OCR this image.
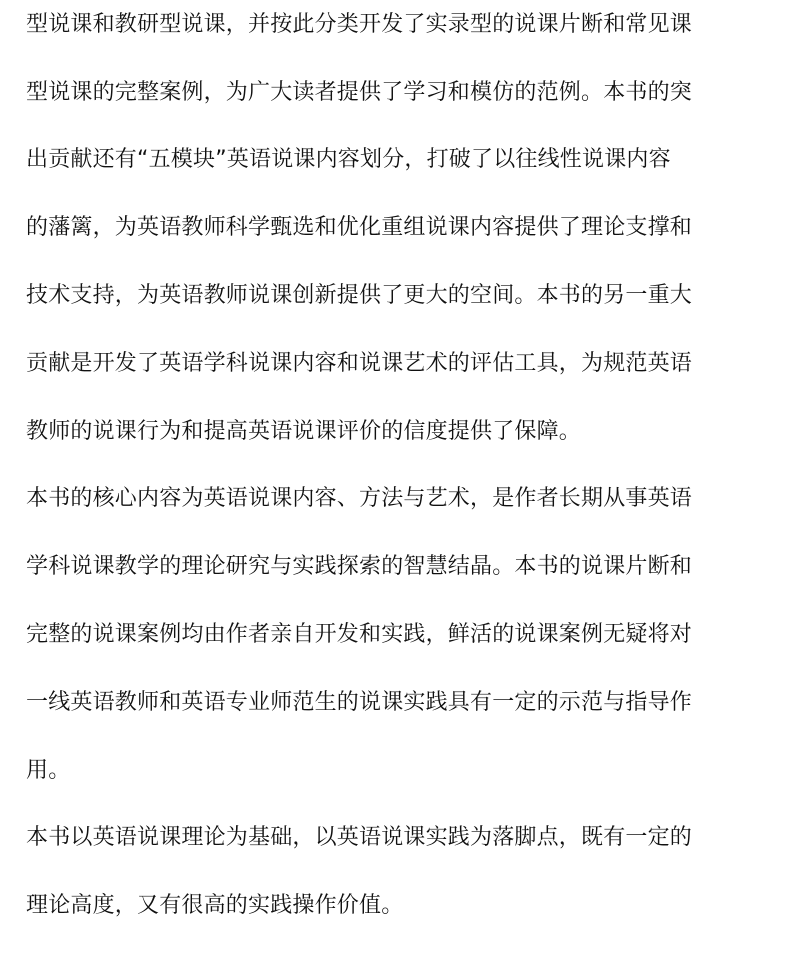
型说课和教研型说课，并按此分类开发了实录型的说课片断和常见课
型说课的完整案例，为广大读者提供了学习和模仿的范例。本书的突
出贡献还有“五模块”英语说课内容划分，打破了以往线性说课内容
的藩篱，为英语教师科学甄选和优化重组说课内容提供了理论支撑和
技术支持，为英语教师说课创新提供了更大的空间。本书的另一重大
贡献是开发了英语学科说课内容和说课艺术的评估工具，为规范英语
教师的说课行为和提高英语说课评价的信度提供了保障。
本书的核心内容为英语说课内容、方法与艺术，是作者长期从事英语
学科说课教学的理论研究与实践探索的智慧结晶。本书的说课片断和
完整的说课案例均由作者亲自开发和实践，鲜活的说课案例无疑将对
一线英语教师和英语专业师范生的说课实践具有一定的示范与指导作
用。
本书以英语说课理论为基础，以英语说课实践为落脚点，既有一定的
理论高度，又有很高的实践操作价值。
